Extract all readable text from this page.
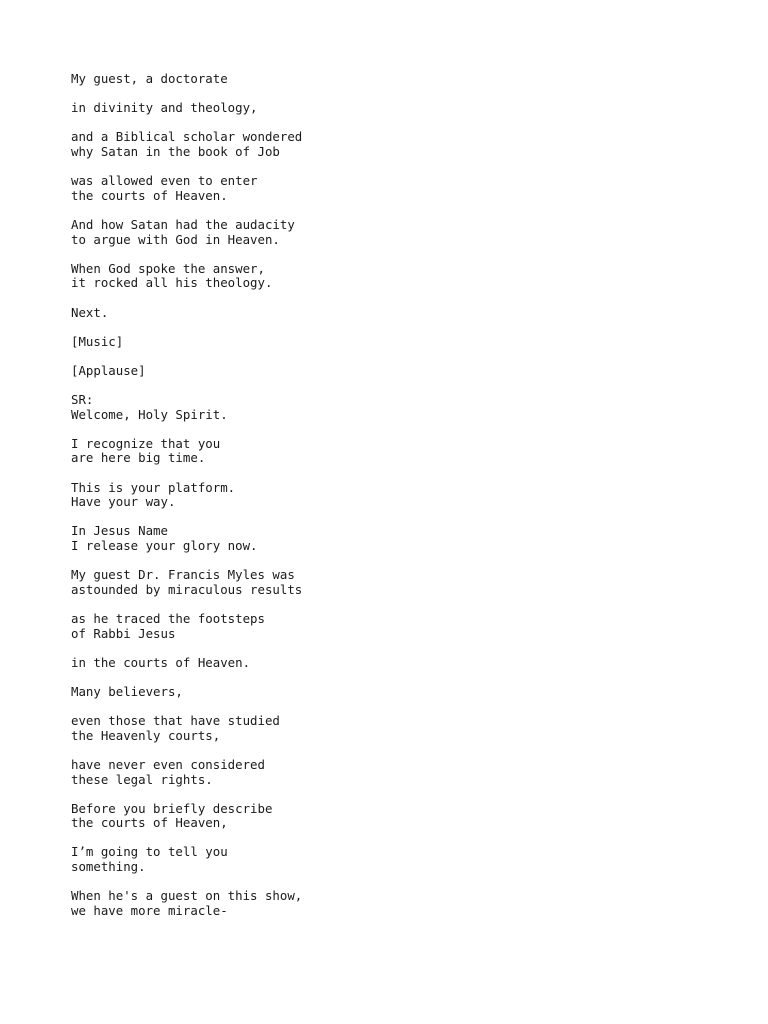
My guest, a doctorate

in divinity and theology,

and a Biblical scholar wondered
why Satan in the book of Job

was allowed even to enter
the courts of Heaven.

And how Satan had the audacity
to argue with God in Heaven.

When God spoke the answer,
it rocked all his theology.

Next.

[Music]

[Applause]

SR:
Welcome, Holy Spirit.

I recognize that you
are here big time.

This is your platform.
Have your way.

In Jesus Name
I release your glory now.

My guest Dr. Francis Myles was
astounded by miraculous results

as he traced the footsteps
of Rabbi Jesus

in the courts of Heaven.

Many believers,

even those that have studied
the Heavenly courts,

have never even considered
these legal rights.

Before you briefly describe
the courts of Heaven,

I’m going to tell you
something.

When he's a guest on this show,
we have more miracle-
